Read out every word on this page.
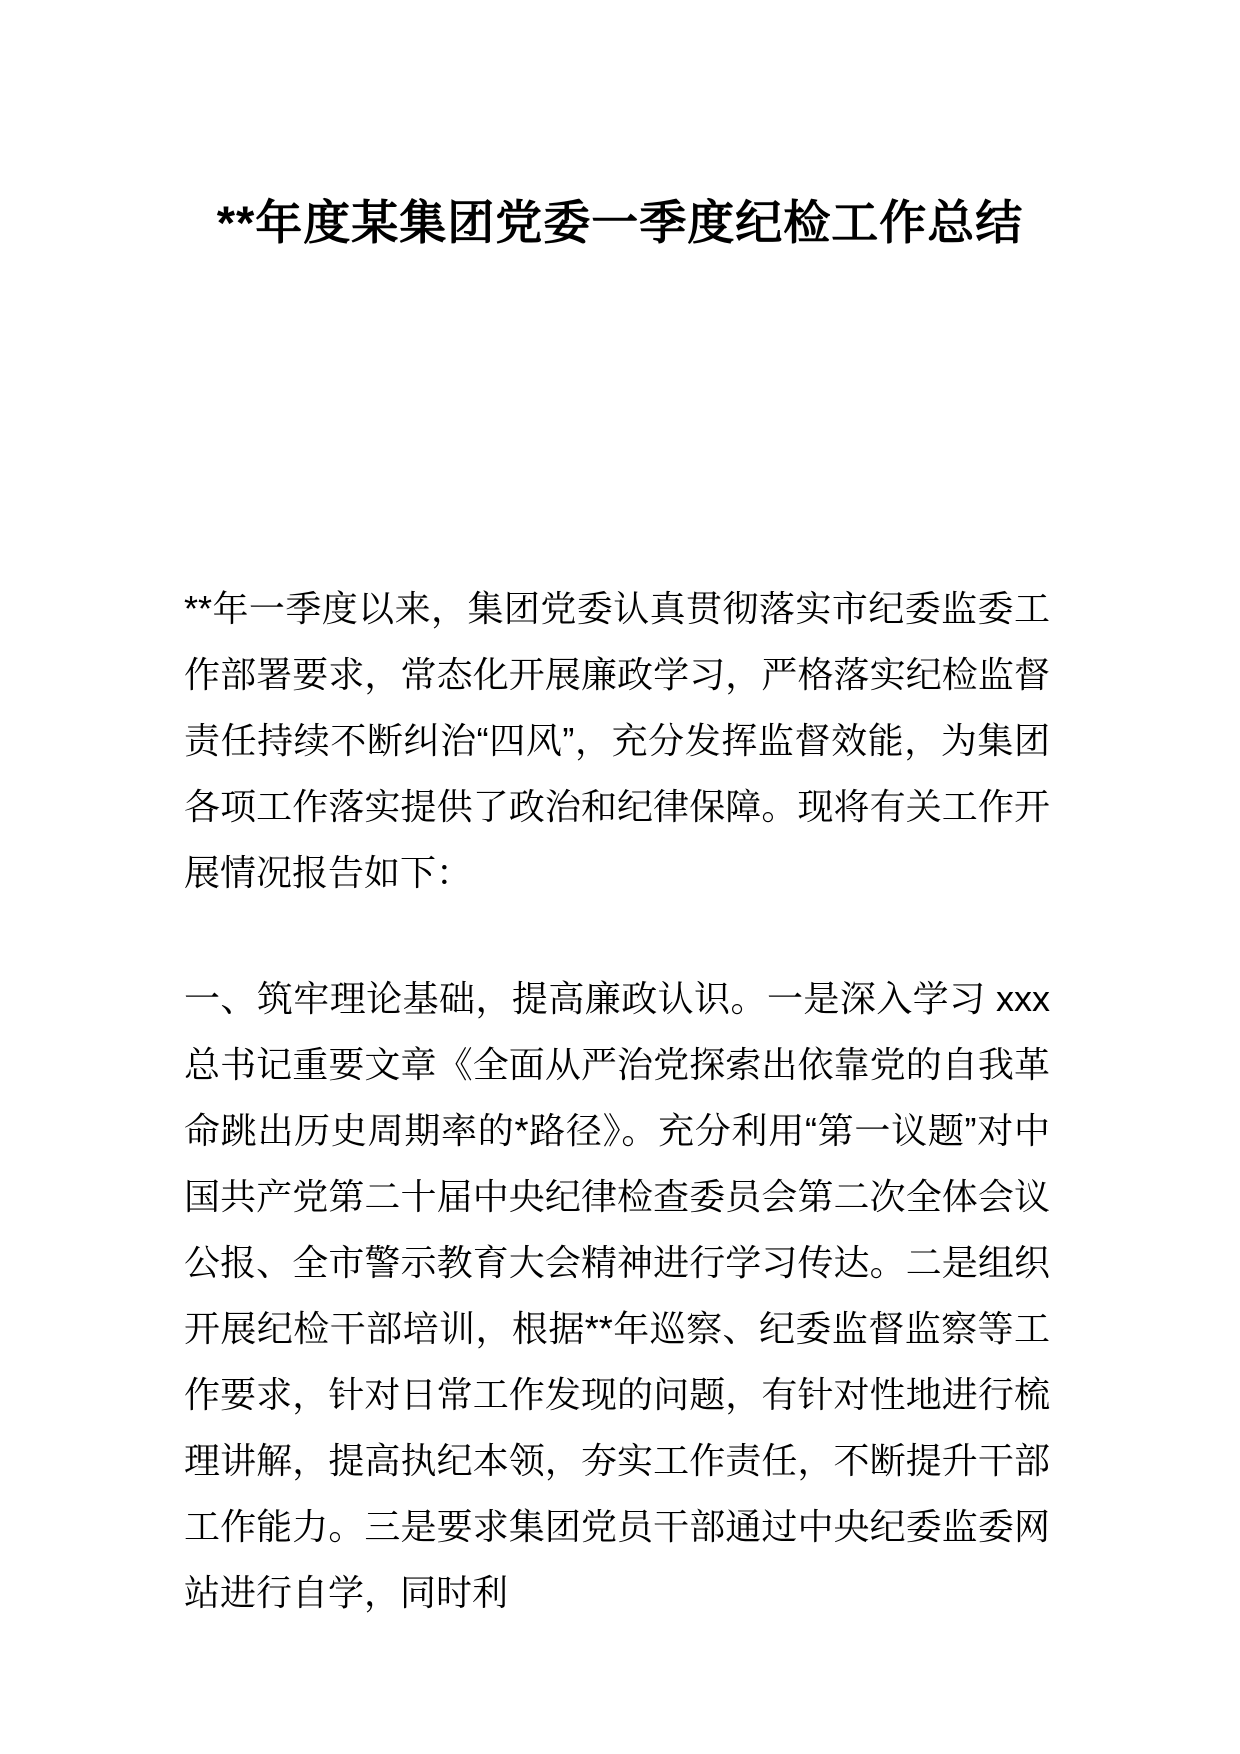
**年度某集团党委一季度纪检工作总结

**年一季度以来，集团党委认真贯彻落实市纪委监委工作部署要求，常态化开展廉政学习，严格落实纪检监督责任持续不断纠治“四风”，充分发挥监督效能，为集团各项工作落实提供了政治和纪律保障。现将有关工作开展情况报告如下：

一、筑牢理论基础，提高廉政认识。一是深入学习 xxx 总书记重要文章《全面从严治党探索出依靠党的自我革命跳出历史周期率的*路径》。充分利用“第一议题”对中国共产党第二十届中央纪律检查委员会第二次全体会议公报、全市警示教育大会精神进行学习传达。二是组织开展纪检干部培训，根据**年巡察、纪委监督监察等工作要求，针对日常工作发现的问题，有针对性地进行梳理讲解，提高执纪本领，夯实工作责任，不断提升干部工作能力。三是要求集团党员干部通过中央纪委监委网站进行自学，同时利
